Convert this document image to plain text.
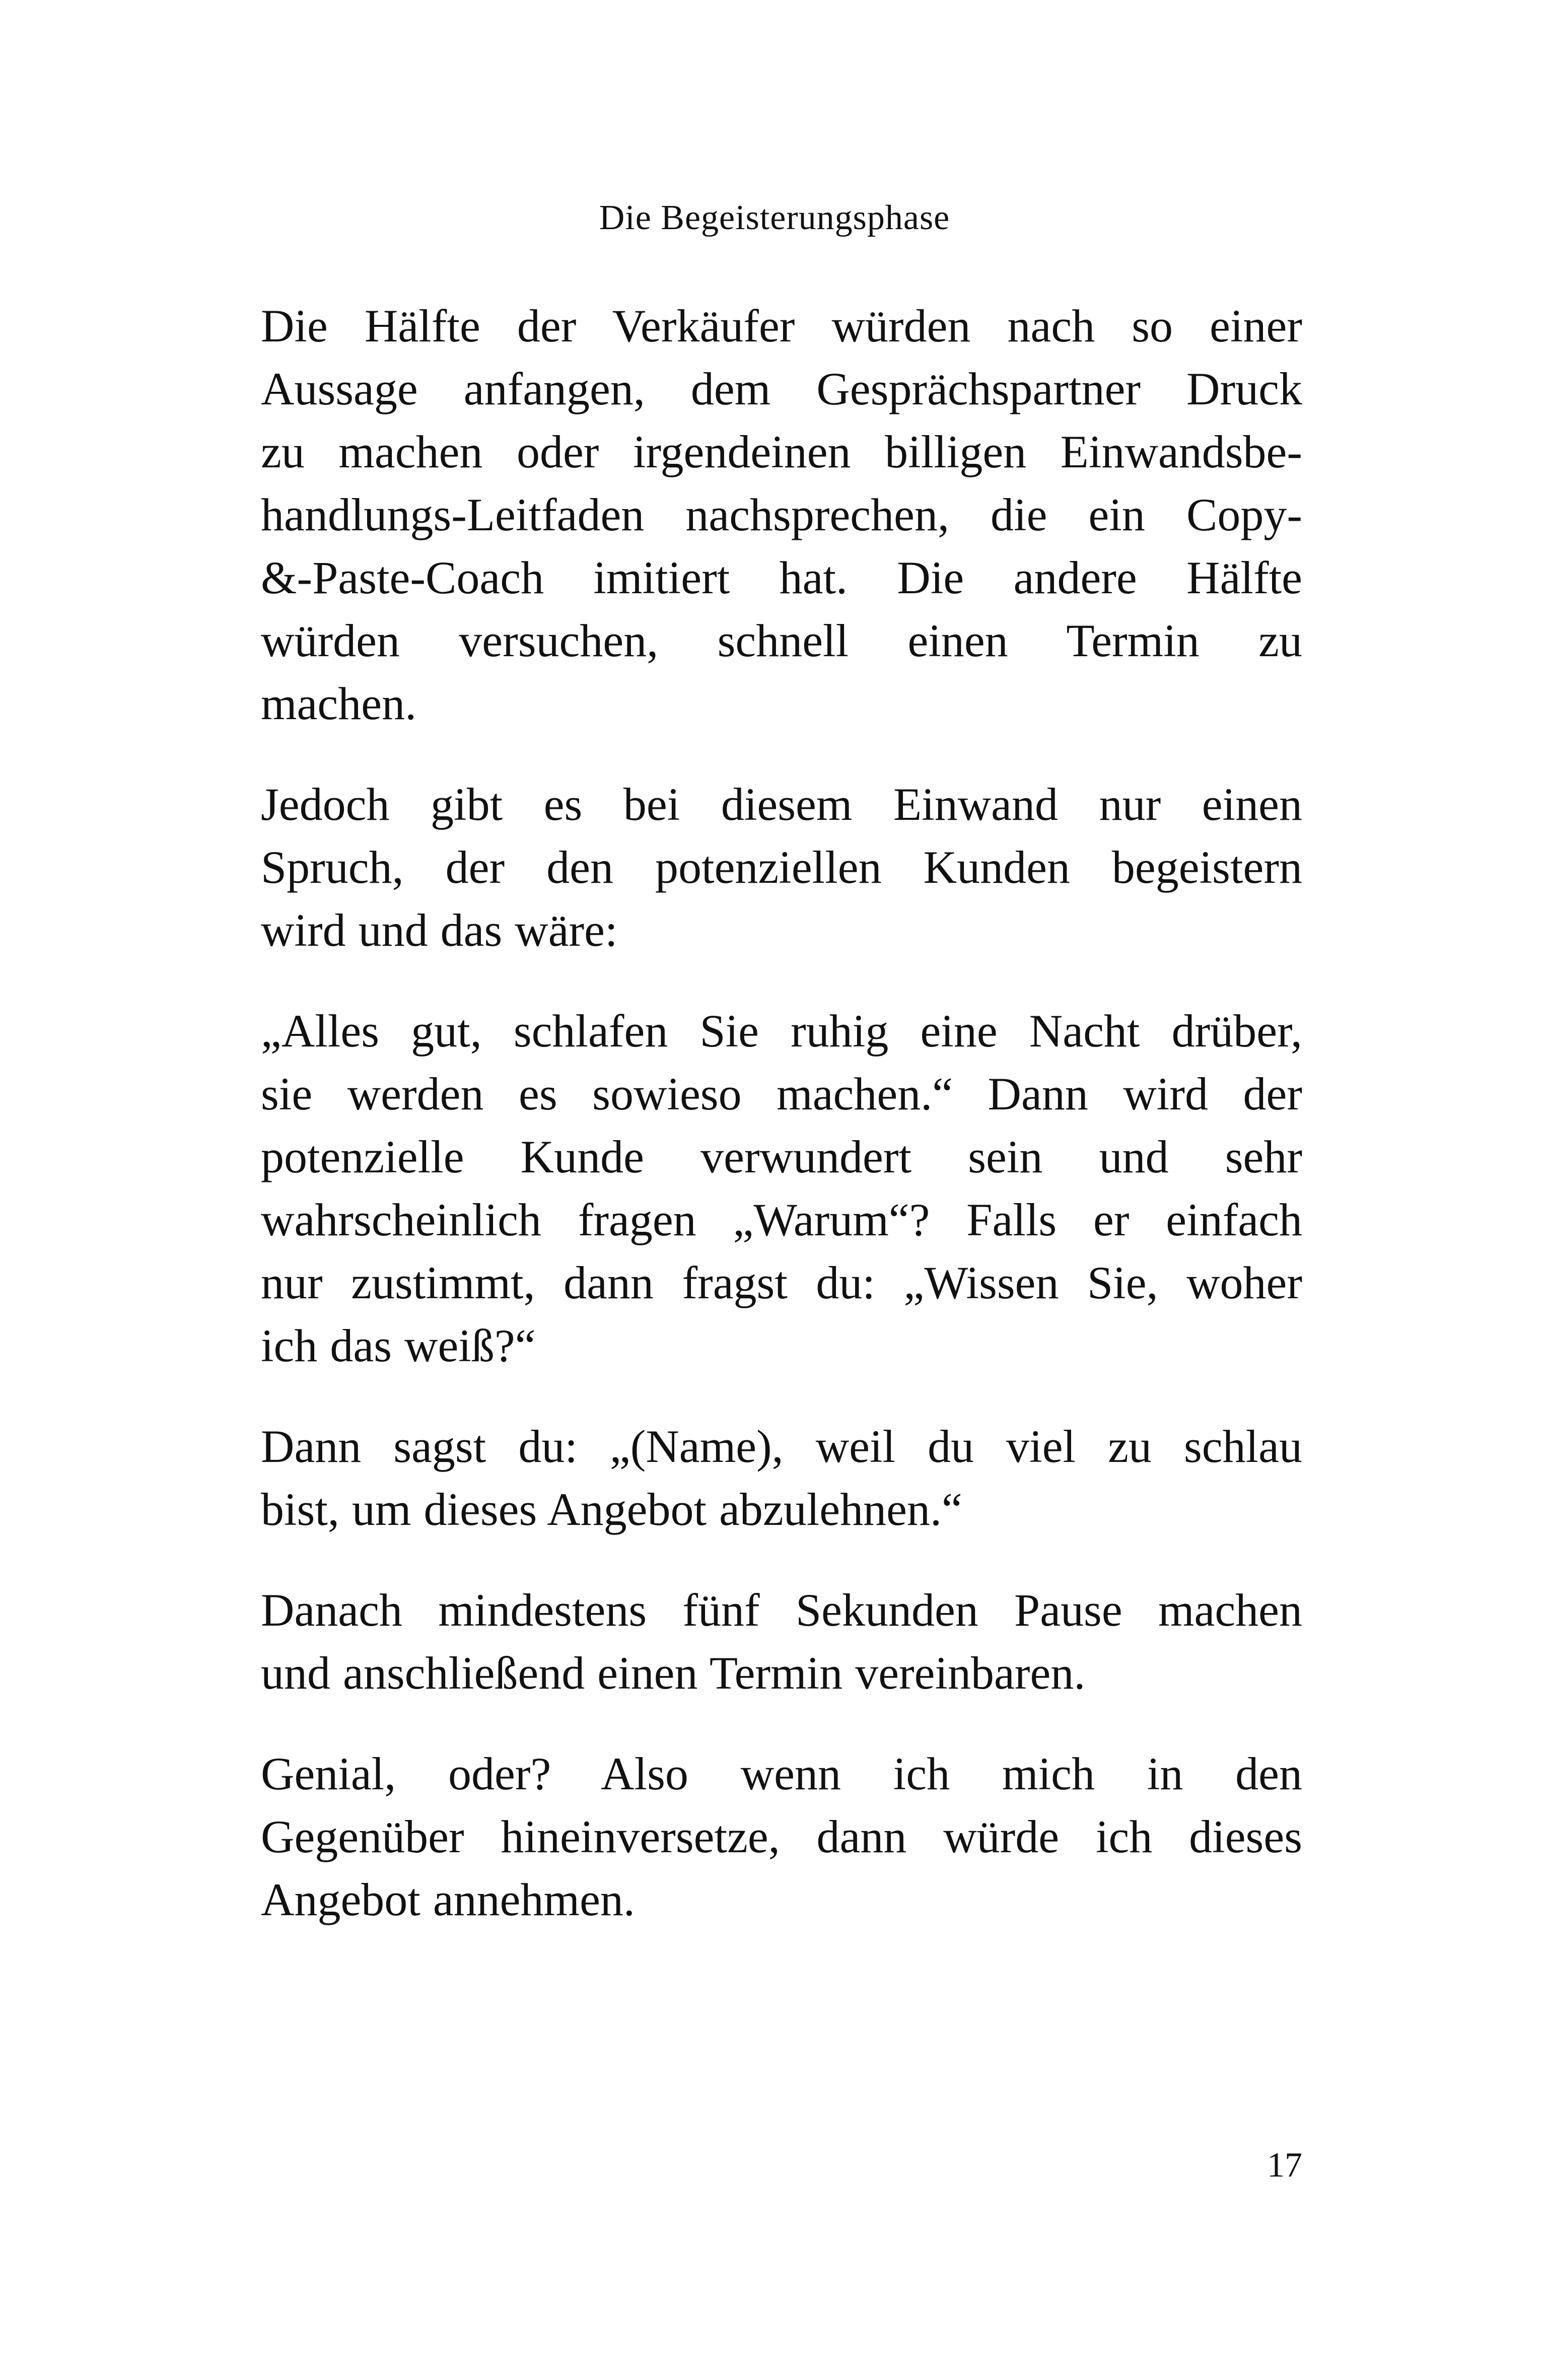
Die Begeisterungsphase

Die Hälfte der Verkäufer würden nach so einer
Aussage anfangen, dem Gesprächspartner Druck
zu machen oder irgendeinen billigen Einwandsbe-
handlungs-Leitfaden nachsprechen, die ein Copy-
&-Paste-Coach imitiert hat. Die andere Hälfte
würden versuchen, schnell einen Termin zu
machen.

Jedoch gibt es bei diesem Einwand nur einen
Spruch, der den potenziellen Kunden begeistern
wird und das wäre:

„Alles gut, schlafen Sie ruhig eine Nacht drüber,
sie werden es sowieso machen.“ Dann wird der
potenzielle Kunde verwundert sein und sehr
wahrscheinlich fragen „Warum“? Falls er einfach
nur zustimmt, dann fragst du: „Wissen Sie, woher
ich das weiß?“

Dann sagst du: „(Name), weil du viel zu schlau
bist, um dieses Angebot abzulehnen.“

Danach mindestens fünf Sekunden Pause machen
und anschließend einen Termin vereinbaren.

Genial, oder? Also wenn ich mich in den
Gegenüber hineinversetze, dann würde ich dieses
Angebot annehmen.

17
